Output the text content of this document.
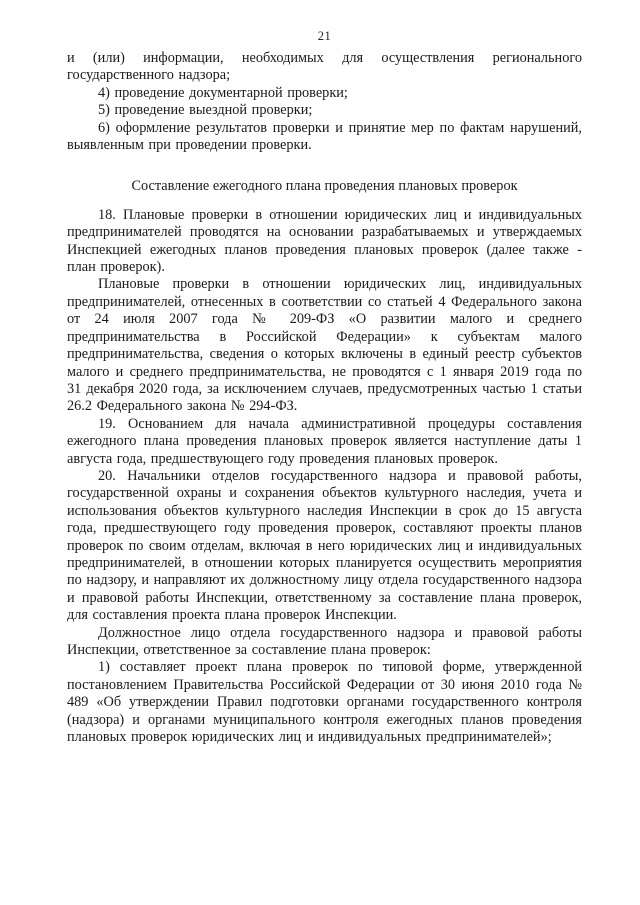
21

и (или) информации, необходимых для осуществления регионального государственного надзора;

4) проведение документарной проверки;

5) проведение выездной проверки;

6) оформление результатов проверки и принятие мер по фактам нарушений, выявленным при проведении проверки.

Составление ежегодного плана проведения плановых проверок

18. Плановые проверки в отношении юридических лиц и индивидуальных предпринимателей проводятся на основании разрабатываемых и утверждаемых Инспекцией ежегодных планов проведения плановых проверок (далее также - план проверок).

Плановые проверки в отношении юридических лиц, индивидуальных предпринимателей, отнесенных в соответствии со статьей 4 Федерального закона от 24 июля 2007 года № 209-ФЗ «О развитии малого и среднего предпринимательства в Российской Федерации» к субъектам малого предпринимательства, сведения о которых включены в единый реестр субъектов малого и среднего предпринимательства, не проводятся с 1 января 2019 года по 31 декабря 2020 года, за исключением случаев, предусмотренных частью 1 статьи 26.2 Федерального закона № 294-ФЗ.

19. Основанием для начала административной процедуры составления ежегодного плана проведения плановых проверок является наступление даты 1 августа года, предшествующего году проведения плановых проверок.

20. Начальники отделов государственного надзора и правовой работы, государственной охраны и сохранения объектов культурного наследия, учета и использования объектов культурного наследия Инспекции в срок до 15 августа года, предшествующего году проведения проверок, составляют проекты планов проверок по своим отделам, включая в него юридических лиц и индивидуальных предпринимателей, в отношении которых планируется осуществить мероприятия по надзору, и направляют их должностному лицу отдела государственного надзора и правовой работы Инспекции, ответственному за составление плана проверок, для составления проекта плана проверок Инспекции.

Должностное лицо отдела государственного надзора и правовой работы Инспекции, ответственное за составление плана проверок:

1) составляет проект плана проверок по типовой форме, утвержденной постановлением Правительства Российской Федерации от 30 июня 2010 года № 489 «Об утверждении Правил подготовки органами государственного контроля (надзора) и органами муниципального контроля ежегодных планов проведения плановых проверок юридических лиц и индивидуальных предпринимателей»;
